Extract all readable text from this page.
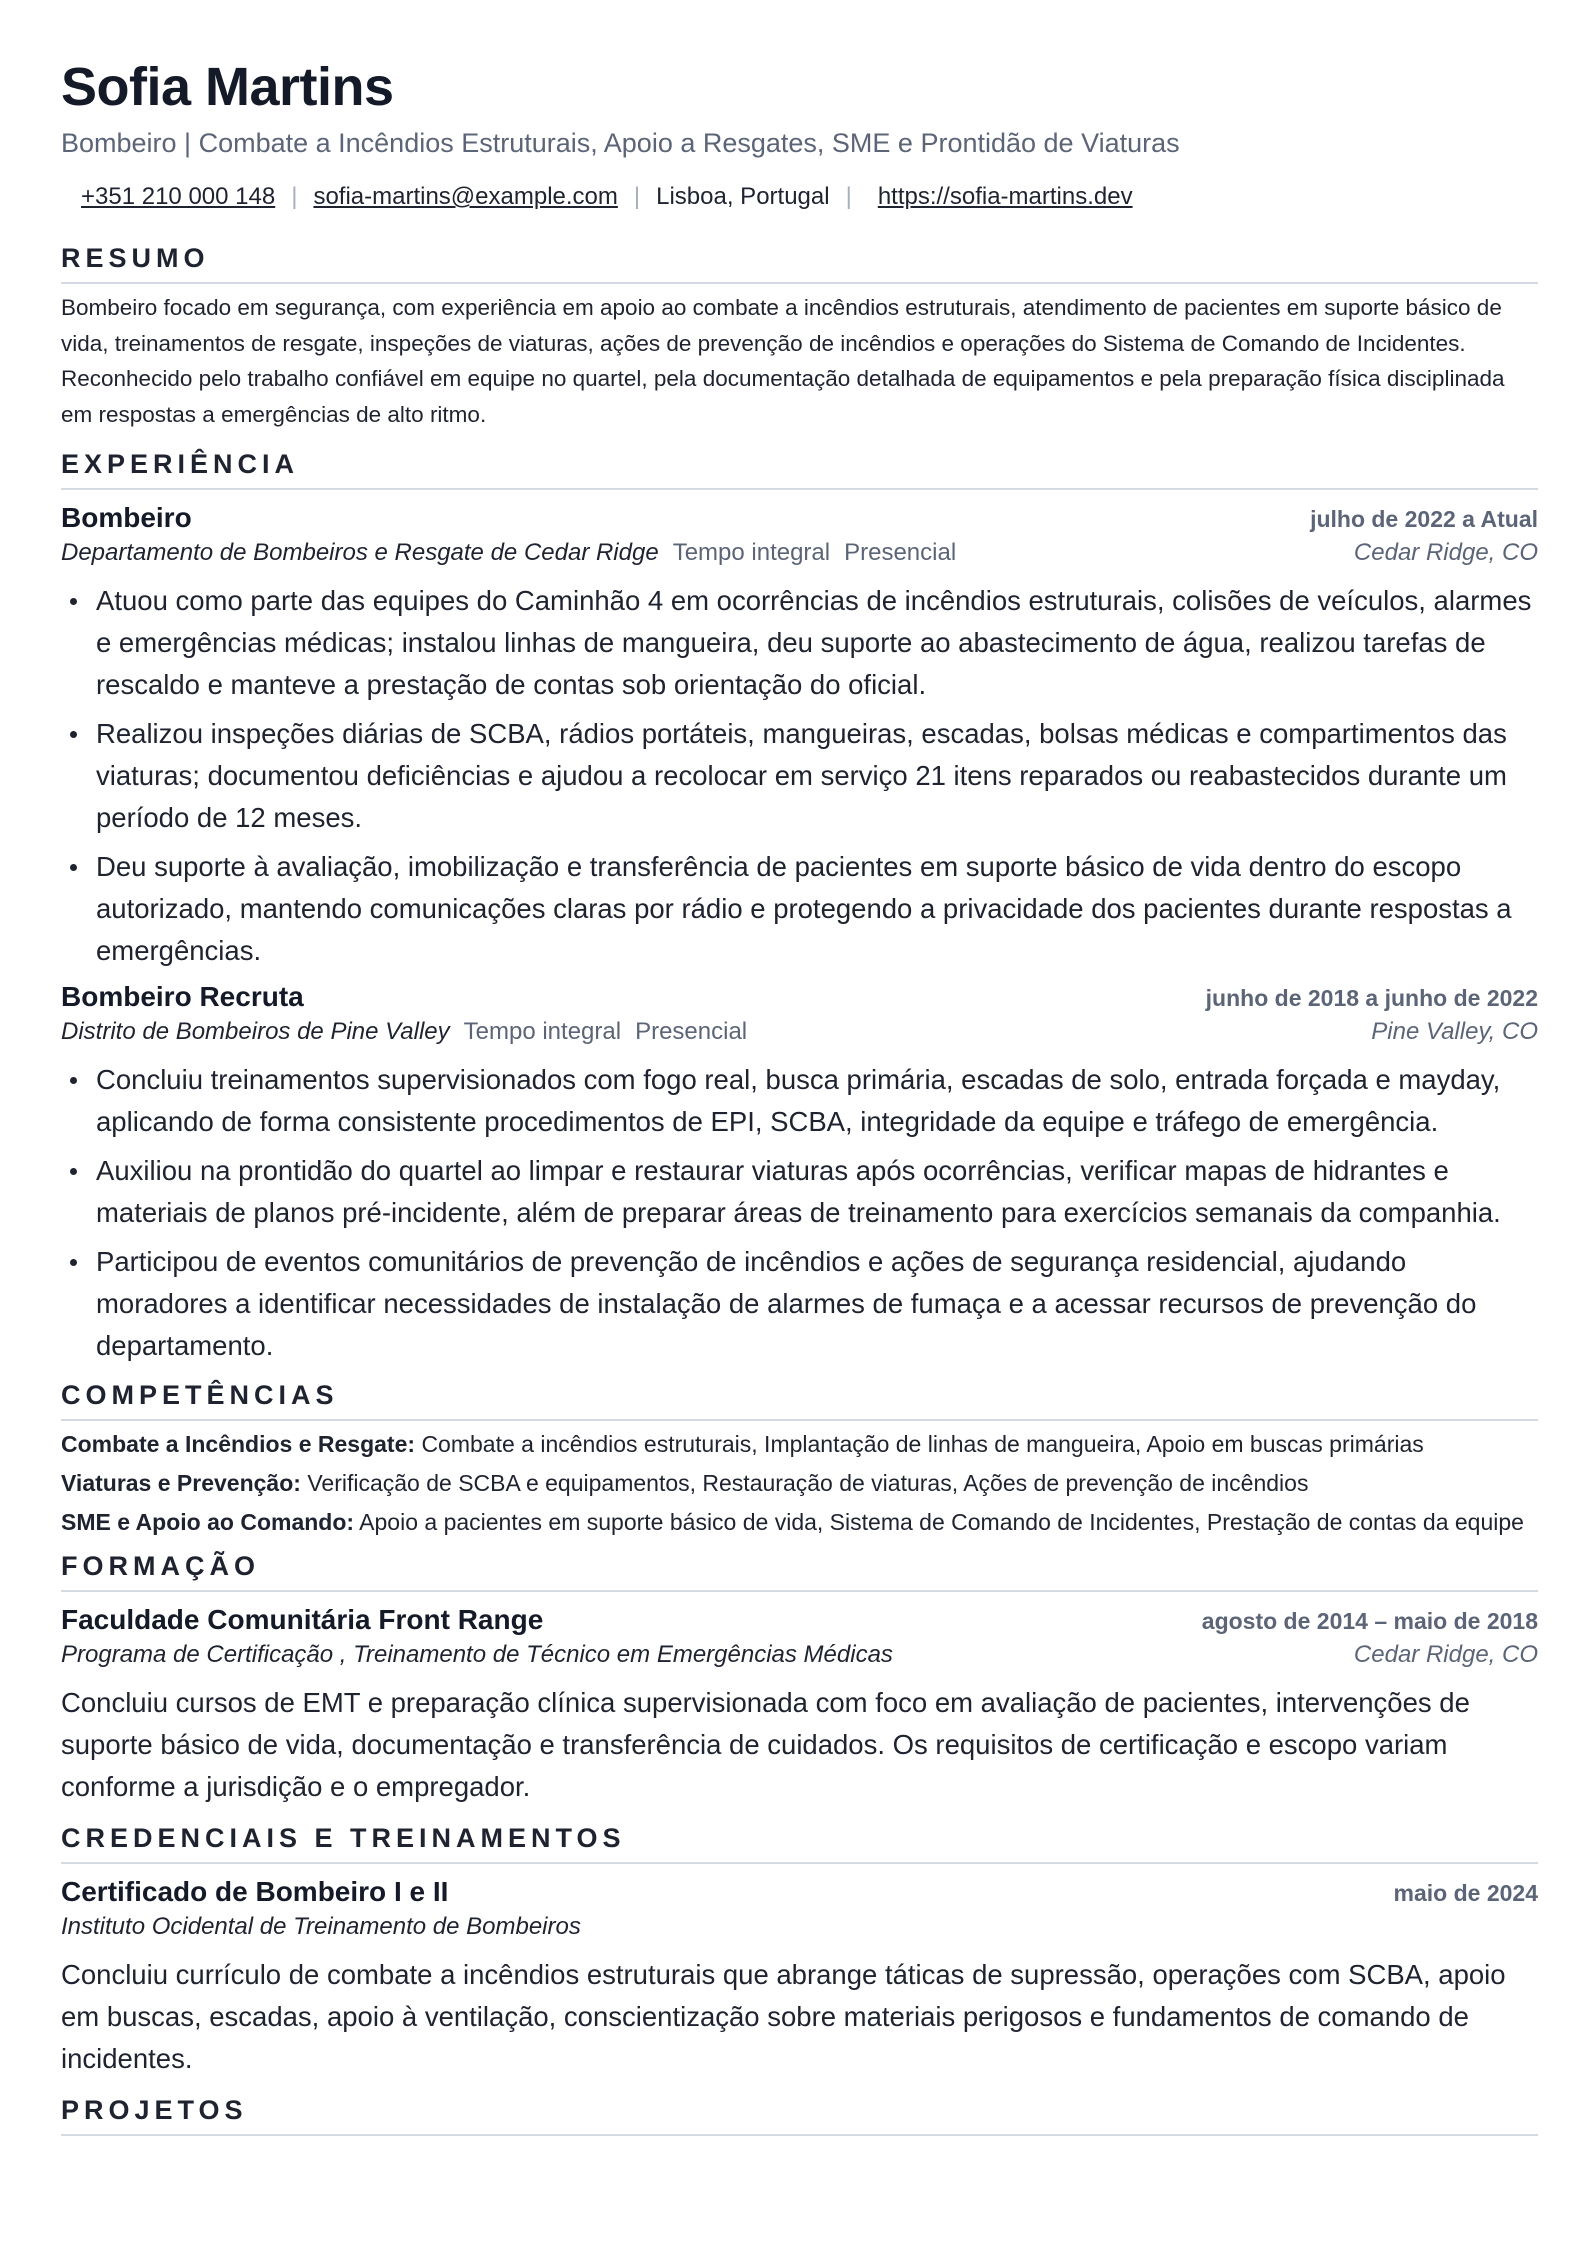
Sofia Martins
Bombeiro | Combate a Incêndios Estruturais, Apoio a Resgates, SME e Prontidão de Viaturas
+351 210 000 148 | sofia-martins@example.com | Lisboa, Portugal | https://sofia-martins.dev
RESUMO

Bombeiro focado em segurança, com experiência em apoio ao combate a incêndios estruturais, atendimento de pacientes em suporte básico de vida, treinamentos de resgate, inspeções de viaturas, ações de prevenção de incêndios e operações do Sistema de Comando de Incidentes. Reconhecido pelo trabalho confiável em equipe no quartel, pela documentação detalhada de equipamentos e pela preparação física disciplinada em respostas a emergências de alto ritmo.

EXPERIÊNCIA
Bombeiro	julho de 2022 a Atual
Departamento de Bombeiros e Resgate de Cedar Ridge Tempo integral Presencial	Cedar Ridge, CO
Atuou como parte das equipes do Caminhão 4 em ocorrências de incêndios estruturais, colisões de veículos, alarmes e emergências médicas; instalou linhas de mangueira, deu suporte ao abastecimento de água, realizou tarefas de rescaldo e manteve a prestação de contas sob orientação do oficial.
Realizou inspeções diárias de SCBA, rádios portáteis, mangueiras, escadas, bolsas médicas e compartimentos das viaturas; documentou deficiências e ajudou a recolocar em serviço 21 itens reparados ou reabastecidos durante um período de 12 meses.
Deu suporte à avaliação, imobilização e transferência de pacientes em suporte básico de vida dentro do escopo autorizado, mantendo comunicações claras por rádio e protegendo a privacidade dos pacientes durante respostas a emergências.
Bombeiro Recruta	junho de 2018 a junho de 2022
Distrito de Bombeiros de Pine Valley Tempo integral Presencial	Pine Valley, CO
Concluiu treinamentos supervisionados com fogo real, busca primária, escadas de solo, entrada forçada e mayday, aplicando de forma consistente procedimentos de EPI, SCBA, integridade da equipe e tráfego de emergência.
Auxiliou na prontidão do quartel ao limpar e restaurar viaturas após ocorrências, verificar mapas de hidrantes e materiais de planos pré-incidente, além de preparar áreas de treinamento para exercícios semanais da companhia.
Participou de eventos comunitários de prevenção de incêndios e ações de segurança residencial, ajudando moradores a identificar necessidades de instalação de alarmes de fumaça e a acessar recursos de prevenção do departamento.
COMPETÊNCIAS

Combate a Incêndios e Resgate: Combate a incêndios estruturais, Implantação de linhas de mangueira, Apoio em buscas primárias

Viaturas e Prevenção: Verificação de SCBA e equipamentos, Restauração de viaturas, Ações de prevenção de incêndios

SME e Apoio ao Comando: Apoio a pacientes em suporte básico de vida, Sistema de Comando de Incidentes, Prestação de contas da equipe

FORMAÇÃO
Faculdade Comunitária Front Range	agosto de 2014 – maio de 2018
Programa de Certificação , Treinamento de Técnico em Emergências Médicas	Cedar Ridge, CO

Concluiu cursos de EMT e preparação clínica supervisionada com foco em avaliação de pacientes, intervenções de suporte básico de vida, documentação e transferência de cuidados. Os requisitos de certificação e escopo variam conforme a jurisdição e o empregador.

CREDENCIAIS E TREINAMENTOS
Certificado de Bombeiro I e II	maio de 2024
Instituto Ocidental de Treinamento de Bombeiros

Concluiu currículo de combate a incêndios estruturais que abrange táticas de supressão, operações com SCBA, apoio em buscas, escadas, apoio à ventilação, conscientização sobre materiais perigosos e fundamentos de comando de incidentes.

PROJETOS
